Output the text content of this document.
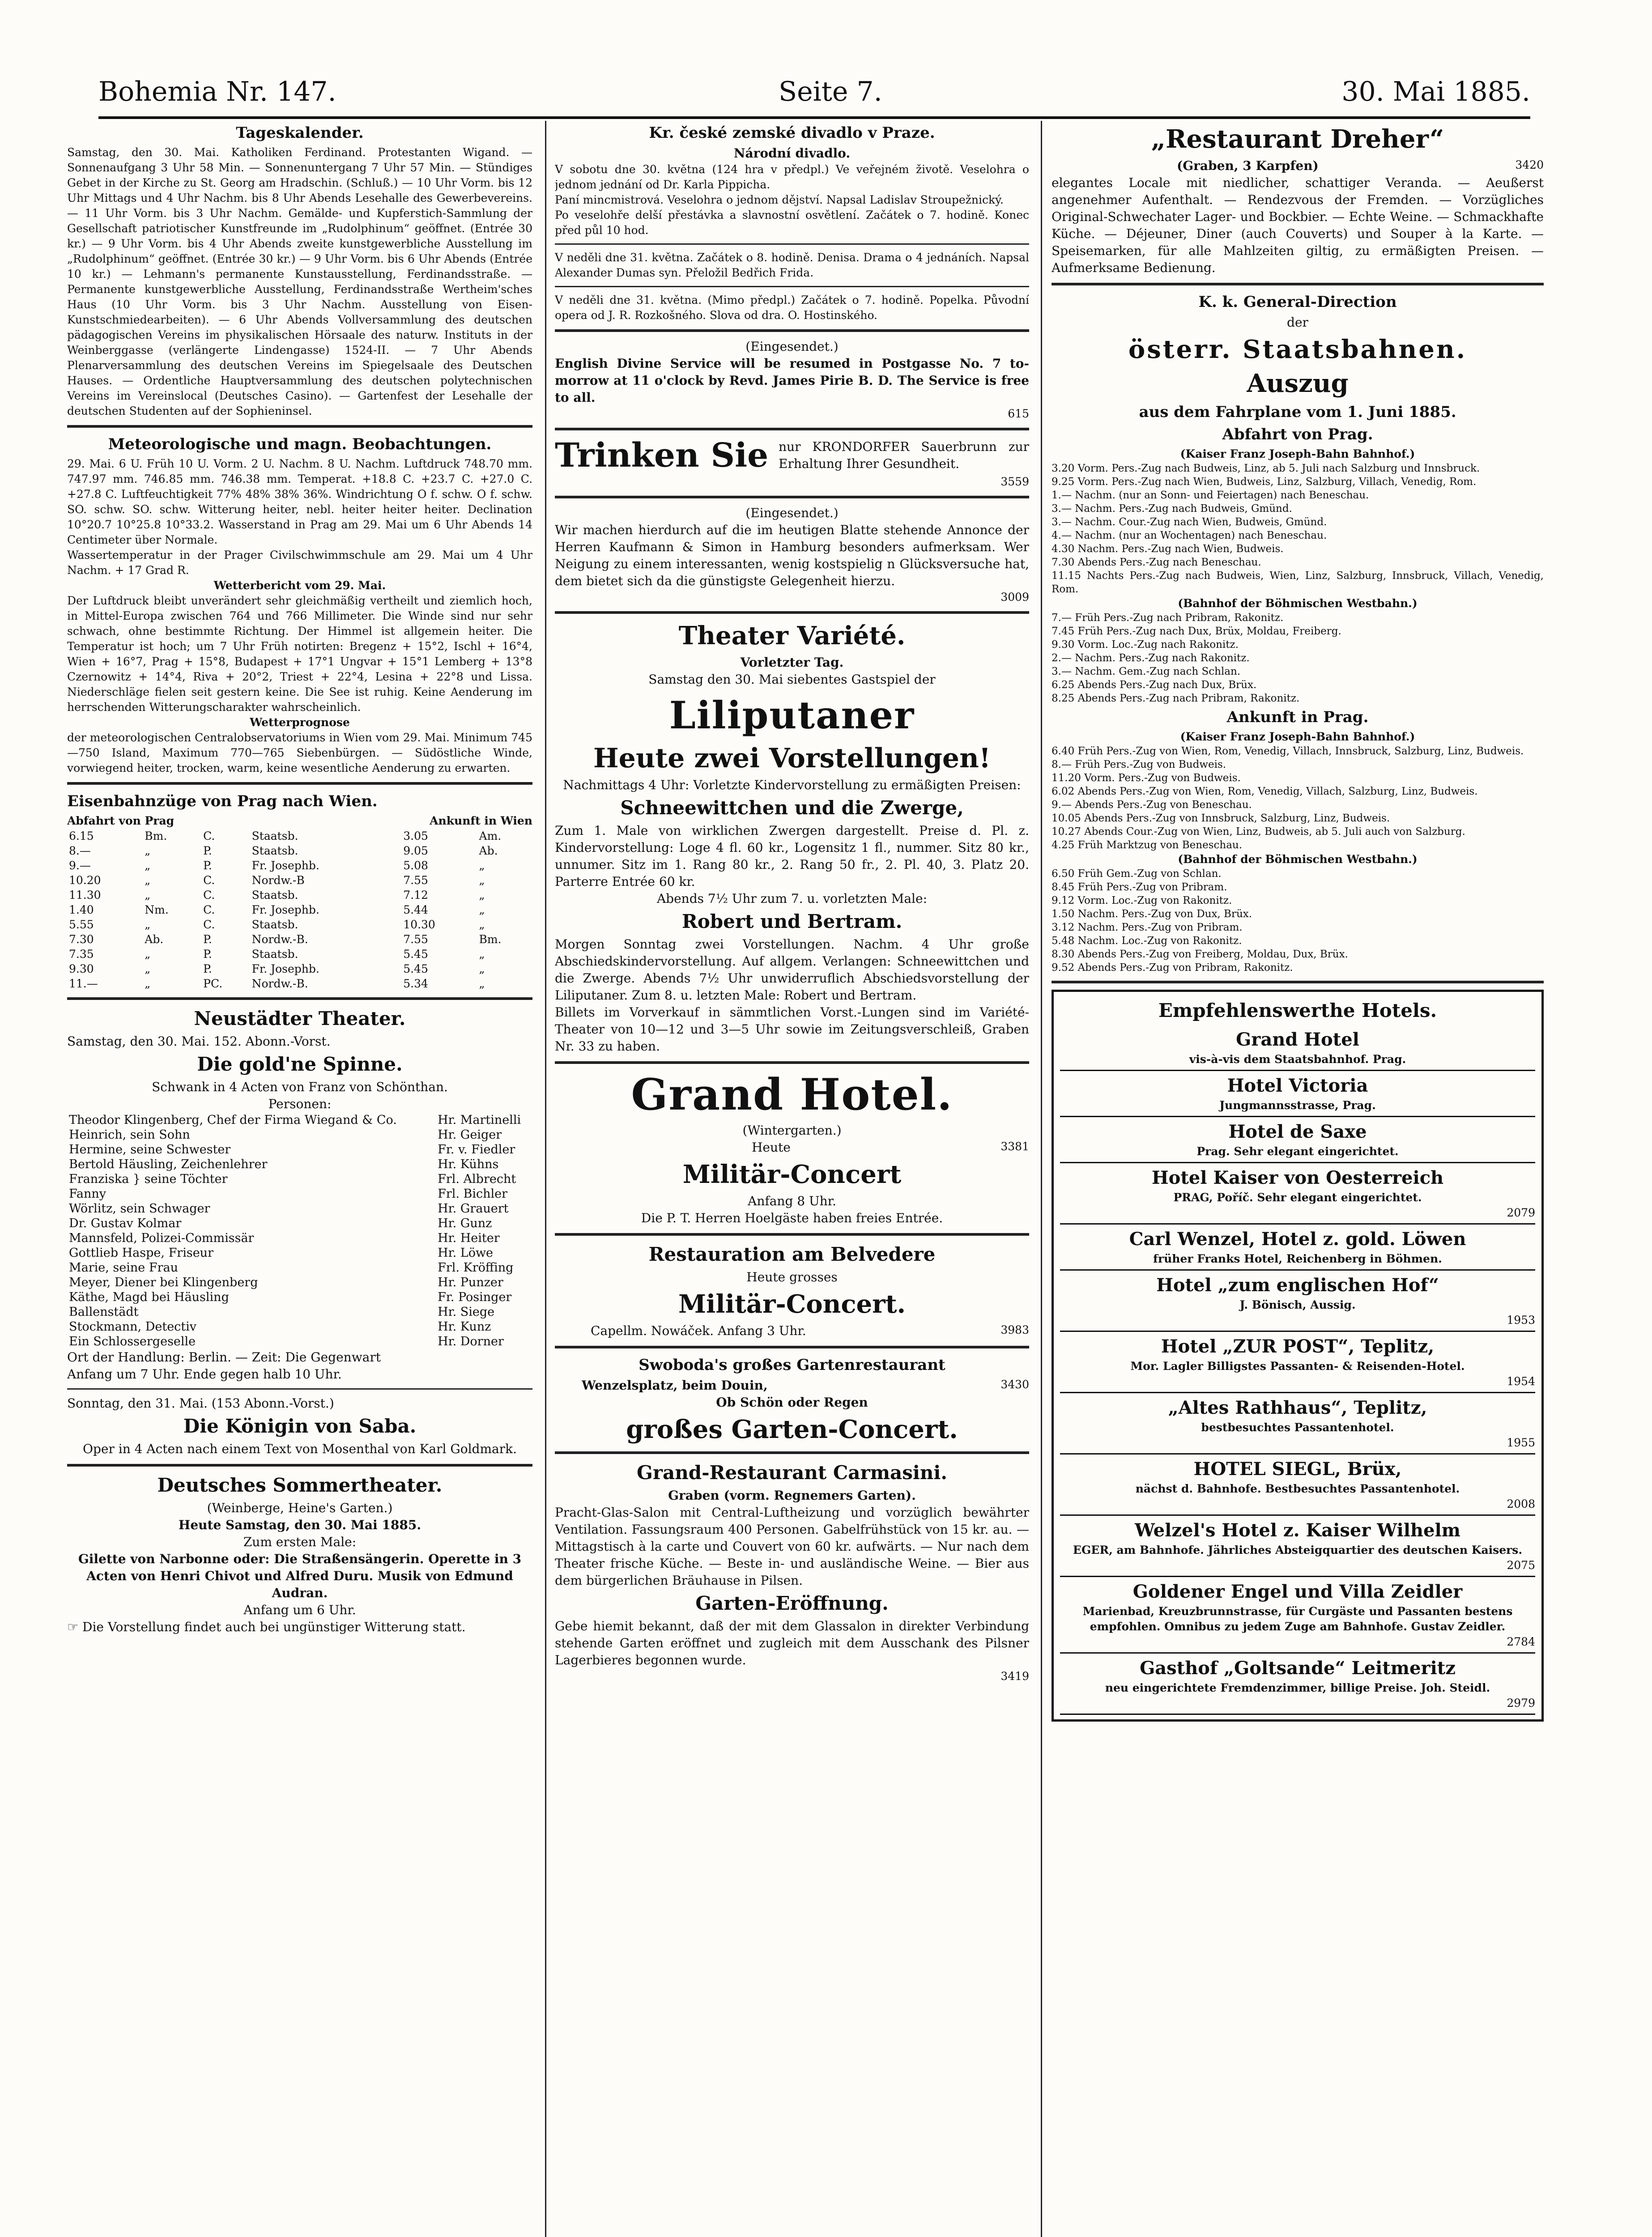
Bohemia Nr. 147.	Seite 7.	30. Mai 1885.

Tageskalender.

Samstag, den 30. Mai. Katholiken Ferdinand. Protestanten Wigand. — Sonnenaufgang 3 Uhr 58 Min. — Sonnenuntergang 7 Uhr 57 Min. — Stündiges Gebet in der Kirche zu St. Georg am Hradschin. (Schluß.) — 10 Uhr Vorm. bis 12 Uhr Mittags und 4 Uhr Nachm. bis 8 Uhr Abends Lesehalle des Gewerbevereins. — 11 Uhr Vorm. bis 3 Uhr Nachm. Gemälde- und Kupferstich-Sammlung der Gesellschaft patriotischer Kunstfreunde im „Rudolphinum“ geöffnet. (Entrée 30 kr.) — 9 Uhr Vorm. bis 4 Uhr Abends zweite kunstgewerbliche Ausstellung im „Rudolphinum“ geöffnet. (Entrée 30 kr.) — 9 Uhr Vorm. bis 6 Uhr Abends (Entrée 10 kr.) — Lehmann's permanente Kunstausstellung, Ferdinandsstraße. — Permanente kunstgewerbliche Ausstellung, Ferdinandsstraße Wertheim'sches Haus (10 Uhr Vorm. bis 3 Uhr Nachm. Ausstellung von Eisen-Kunstschmiedearbeiten). — 6 Uhr Abends Vollversammlung des deutschen pädagogischen Vereins im physikalischen Hörsaale des naturw. Instituts in der Weinberggasse (verlängerte Lindengasse) 1524-II. — 7 Uhr Abends Plenarversammlung des deutschen Vereins im Spiegelsaale des Deutschen Hauses. — Ordentliche Hauptversammlung des deutschen polytechnischen Vereins im Vereinslocal (Deutsches Casino). — Gartenfest der Lesehalle der deutschen Studenten auf der Sophieninsel.

Meteorologische und magn. Beobachtungen.

29. Mai. 6 U. Früh 10 U. Vorm. 2 U. Nachm. 8 U. Nachm. Luftdruck 748.70 mm. 747.97 mm. 746.85 mm. 746.38 mm. Temperat. +18.8 C. +23.7 C. +27.0 C. +27.8 C. Luftfeuchtigkeit 77% 48% 38% 36%. Windrichtung O f. schw. O f. schw. SO. schw. SO. schw. Witterung heiter, nebl. heiter heiter heiter. Declination 10°20.7 10°25.8 10°33.2. Wasserstand in Prag am 29. Mai um 6 Uhr Abends 14 Centimeter über Normale.

Wassertemperatur in der Prager Civilschwimmschule am 29. Mai um 4 Uhr Nachm. + 17 Grad R.

Wetterbericht vom 29. Mai.

Der Luftdruck bleibt unverändert sehr gleichmäßig vertheilt und ziemlich hoch, in Mittel-Europa zwischen 764 und 766 Millimeter. Die Winde sind nur sehr schwach, ohne bestimmte Richtung. Der Himmel ist allgemein heiter. Die Temperatur ist hoch; um 7 Uhr Früh notirten: Bregenz + 15°2, Ischl + 16°4, Wien + 16°7, Prag + 15°8, Budapest + 17°1 Ungvar + 15°1 Lemberg + 13°8 Czernowitz + 14°4, Riva + 20°2, Triest + 22°4, Lesina + 22°8 und Lissa. Niederschläge fielen seit gestern keine. Die See ist ruhig. Keine Aenderung im herrschenden Witterungscharakter wahrscheinlich.

Wetterprognose

der meteorologischen Centralobservatoriums in Wien vom 29. Mai. Minimum 745—750 Island, Maximum 770—765 Siebenbürgen. — Südöstliche Winde, vorwiegend heiter, trocken, warm, keine wesentliche Aenderung zu erwarten.

Eisenbahnzüge von Prag nach Wien.

Abfahrt von Prag	Ankunft in Wien
6.15	Bm.	C.	Staatsb.	3.05	Am.
8.—	„	P.	Staatsb.	9.05	Ab.
9.—	„	P.	Fr. Josephb.	5.08	„
10.20	„	C.	Nordw.-B	7.55	„
11.30	„	C.	Staatsb.	7.12	„
1.40	Nm.	C.	Fr. Josephb.	5.44	„
5.55	„	C.	Staatsb.	10.30	„
7.30	Ab.	P.	Nordw.-B.	7.55	Bm.
7.35	„	P.	Staatsb.	5.45	„
9.30	„	P.	Fr. Josephb.	5.45	„
11.—	„	PC.	Nordw.-B.	5.34	„

Neustädter Theater.

Samstag, den 30. Mai. 152. Abonn.-Vorst.

Die gold'ne Spinne.

Schwank in 4 Acten von Franz von Schönthan.

Personen:

Theodor Klingenberg, Chef der Firma Wiegand & Co.	Hr. Martinelli
Heinrich, sein Sohn	Hr. Geiger
Hermine, seine Schwester	Fr. v. Fiedler
Bertold Häusling, Zeichenlehrer	Hr. Kühns
Franziska } seine Töchter	Frl. Albrecht
Fanny	Frl. Bichler
Wörlitz, sein Schwager	Hr. Grauert
Dr. Gustav Kolmar	Hr. Gunz
Mannsfeld, Polizei-Commissär	Hr. Heiter
Gottlieb Haspe, Friseur	Hr. Löwe
Marie, seine Frau	Frl. Kröffing
Meyer, Diener bei Klingenberg	Hr. Punzer
Käthe, Magd bei Häusling	Fr. Posinger
Ballenstädt	Hr. Siege
Stockmann, Detectiv	Hr. Kunz
Ein Schlossergeselle	Hr. Dorner

Ort der Handlung: Berlin. — Zeit: Die Gegenwart

Anfang um 7 Uhr. Ende gegen halb 10 Uhr.

Sonntag, den 31. Mai. (153 Abonn.-Vorst.)

Die Königin von Saba.

Oper in 4 Acten nach einem Text von Mosenthal von Karl Goldmark.

Deutsches Sommertheater.

(Weinberge, Heine's Garten.)

Heute Samstag, den 30. Mai 1885.

Zum ersten Male:

Gilette von Narbonne oder: Die Straßensängerin. Operette in 3 Acten von Henri Chivot und Alfred Duru. Musik von Edmund Audran.

Anfang um 6 Uhr.

☞ Die Vorstellung findet auch bei ungünstiger Witterung statt.

Kr. české zemské divadlo v Praze.

Národní divadlo.

V sobotu dne 30. května (124 hra v předpl.) Ve veřejném životě. Veselohra o jednom jednání od Dr. Karla Pippicha.

Paní mincmistrová. Veselohra o jednom dějství. Napsal Ladislav Stroupežnický.

Po veselohře delší přestávka a slavnostní osvětlení. Začátek o 7. hodině. Konec před půl 10 hod.

V neděli dne 31. května. Začátek o 8. hodině. Denisa. Drama o 4 jednáních. Napsal Alexander Dumas syn. Přeložil Bedřich Frida.

V neděli dne 31. května. (Mimo předpl.) Začátek o 7. hodině. Popelka. Původní opera od J. R. Rozkošného. Slova od dra. O. Hostinského.

(Eingesendet.)

English Divine Service will be resumed in Postgasse No. 7 to-morrow at 11 o'clock by Revd. James Pirie B. D. The Service is free to all.

615

Trinken Sie nur KRONDORFER Sauerbrunn zur Erhaltung Ihrer Gesundheit.

3559

(Eingesendet.)

Wir machen hierdurch auf die im heutigen Blatte stehende Annonce der Herren Kaufmann & Simon in Hamburg besonders aufmerksam. Wer Neigung zu einem interessanten, wenig kostspielig n Glücksversuche hat, dem bietet sich da die günstigste Gelegenheit hierzu.

3009

Theater Variété.

Vorletzter Tag.

Samstag den 30. Mai siebentes Gastspiel der

Liliputaner

Heute zwei Vorstellungen!

Nachmittags 4 Uhr: Vorletzte Kindervorstellung zu ermäßigten Preisen:

Schneewittchen und die Zwerge,

Zum 1. Male von wirklichen Zwergen dargestellt. Preise d. Pl. z. Kindervorstellung: Loge 4 fl. 60 kr., Logensitz 1 fl., nummer. Sitz 80 kr., unnumer. Sitz im 1. Rang 80 kr., 2. Rang 50 fr., 2. Pl. 40, 3. Platz 20. Parterre Entrée 60 kr.

Abends 7½ Uhr zum 7. u. vorletzten Male:

Robert und Bertram.

Morgen Sonntag zwei Vorstellungen. Nachm. 4 Uhr große Abschiedskindervorstellung. Auf allgem. Verlangen: Schneewittchen und die Zwerge. Abends 7½ Uhr unwiderruflich Abschiedsvorstellung der Liliputaner. Zum 8. u. letzten Male: Robert und Bertram.

Billets im Vorverkauf in sämmtlichen Vorst.-Lungen sind im Variété-Theater von 10—12 und 3—5 Uhr sowie im Zeitungsverschleiß, Graben Nr. 33 zu haben.

Grand Hotel.

(Wintergarten.)

Heute	3381

Militär-Concert

Anfang 8 Uhr.

Die P. T. Herren Hoelgäste haben freies Entrée.

Restauration am Belvedere

Heute grosses

Militär-Concert.

Capellm. Nowáček. Anfang 3 Uhr.	3983

Swoboda's großes Gartenrestaurant

Wenzelsplatz, beim Douin,	3430

Ob Schön oder Regen

großes Garten-Concert.

Grand-Restaurant Carmasini.

Graben (vorm. Regnemers Garten).

Pracht-Glas-Salon mit Central-Luftheizung und vorzüglich bewährter Ventilation. Fassungsraum 400 Personen. Gabelfrühstück von 15 kr. au. — Mittagstisch à la carte und Couvert von 60 kr. aufwärts. — Nur nach dem Theater frische Küche. — Beste in- und ausländische Weine. — Bier aus dem bürgerlichen Bräuhause in Pilsen.

Garten-Eröffnung.

Gebe hiemit bekannt, daß der mit dem Glassalon in direkter Verbindung stehende Garten eröffnet und zugleich mit dem Ausschank des Pilsner Lagerbieres begonnen wurde.

3419

„Restaurant Dreher“

(Graben, 3 Karpfen)	3420

elegantes Locale mit niedlicher, schattiger Veranda. — Aeußerst angenehmer Aufenthalt. — Rendezvous der Fremden. — Vorzügliches Original-Schwechater Lager- und Bockbier. — Echte Weine. — Schmackhafte Küche. — Déjeuner, Diner (auch Couverts) und Souper à la Karte. — Speisemarken, für alle Mahlzeiten giltig, zu ermäßigten Preisen. — Aufmerksame Bedienung.

K. k. General-Direction

der

österr. Staatsbahnen.

Auszug

aus dem Fahrplane vom 1. Juni 1885.

Abfahrt von Prag.

(Kaiser Franz Joseph-Bahn Bahnhof.)

3.20 Vorm. Pers.-Zug nach Budweis, Linz, ab 5. Juli nach Salzburg und Innsbruck.

9.25 Vorm. Pers.-Zug nach Wien, Budweis, Linz, Salzburg, Villach, Venedig, Rom.

1.— Nachm. (nur an Sonn- und Feiertagen) nach Beneschau.

3.— Nachm. Pers.-Zug nach Budweis, Gmünd.

3.— Nachm. Cour.-Zug nach Wien, Budweis, Gmünd.

4.— Nachm. (nur an Wochentagen) nach Beneschau.

4.30 Nachm. Pers.-Zug nach Wien, Budweis.

7.30 Abends Pers.-Zug nach Beneschau.

11.15 Nachts Pers.-Zug nach Budweis, Wien, Linz, Salzburg, Innsbruck, Villach, Venedig, Rom.

(Bahnhof der Böhmischen Westbahn.)

7.— Früh Pers.-Zug nach Pribram, Rakonitz.

7.45 Früh Pers.-Zug nach Dux, Brüx, Moldau, Freiberg.

9.30 Vorm. Loc.-Zug nach Rakonitz.

2.— Nachm. Pers.-Zug nach Rakonitz.

3.— Nachm. Gem.-Zug nach Schlan.

6.25 Abends Pers.-Zug nach Dux, Brüx.

8.25 Abends Pers.-Zug nach Pribram, Rakonitz.

Ankunft in Prag.

(Kaiser Franz Joseph-Bahn Bahnhof.)

6.40 Früh Pers.-Zug von Wien, Rom, Venedig, Villach, Innsbruck, Salzburg, Linz, Budweis.

8.— Früh Pers.-Zug von Budweis.

11.20 Vorm. Pers.-Zug von Budweis.

6.02 Abends Pers.-Zug von Wien, Rom, Venedig, Villach, Salzburg, Linz, Budweis.

9.— Abends Pers.-Zug von Beneschau.

10.05 Abends Pers.-Zug von Innsbruck, Salzburg, Linz, Budweis.

10.27 Abends Cour.-Zug von Wien, Linz, Budweis, ab 5. Juli auch von Salzburg.

4.25 Früh Marktzug von Beneschau.

(Bahnhof der Böhmischen Westbahn.)

6.50 Früh Gem.-Zug von Schlan.

8.45 Früh Pers.-Zug von Pribram.

9.12 Vorm. Loc.-Zug von Rakonitz.

1.50 Nachm. Pers.-Zug von Dux, Brüx.

3.12 Nachm. Pers.-Zug von Pribram.

5.48 Nachm. Loc.-Zug von Rakonitz.

8.30 Abends Pers.-Zug von Freiberg, Moldau, Dux, Brüx.

9.52 Abends Pers.-Zug von Pribram, Rakonitz.

Empfehlenswerthe Hotels.

Grand Hotel
vis-à-vis dem Staatsbahnhof. Prag.
Hotel Victoria
Jungmannsstrasse, Prag.
Hotel de Saxe
Prag. Sehr elegant eingerichtet.
Hotel Kaiser von Oesterreich
PRAG, Poříč. Sehr elegant eingerichtet.
2079
Carl Wenzel, Hotel z. gold. Löwen
früher Franks Hotel, Reichenberg in Böhmen.
Hotel „zum englischen Hof“
J. Bönisch, Aussig.
1953
Hotel „ZUR POST“, Teplitz,
Mor. Lagler Billigstes Passanten- & Reisenden-Hotel.
1954
„Altes Rathhaus“, Teplitz,
bestbesuchtes Passantenhotel.
1955
HOTEL SIEGL, Brüx,
nächst d. Bahnhofe. Bestbesuchtes Passantenhotel.
2008
Welzel's Hotel z. Kaiser Wilhelm
EGER, am Bahnhofe. Jährliches Absteigquartier des deutschen Kaisers.
2075
Goldener Engel und Villa Zeidler
Marienbad, Kreuzbrunnstrasse, für Curgäste und Passanten bestens empfohlen. Omnibus zu jedem Zuge am Bahnhofe. Gustav Zeidler.
2784
Gasthof „Goltsande“ Leitmeritz
neu eingerichtete Fremdenzimmer, billige Preise. Joh. Steidl.
2979
